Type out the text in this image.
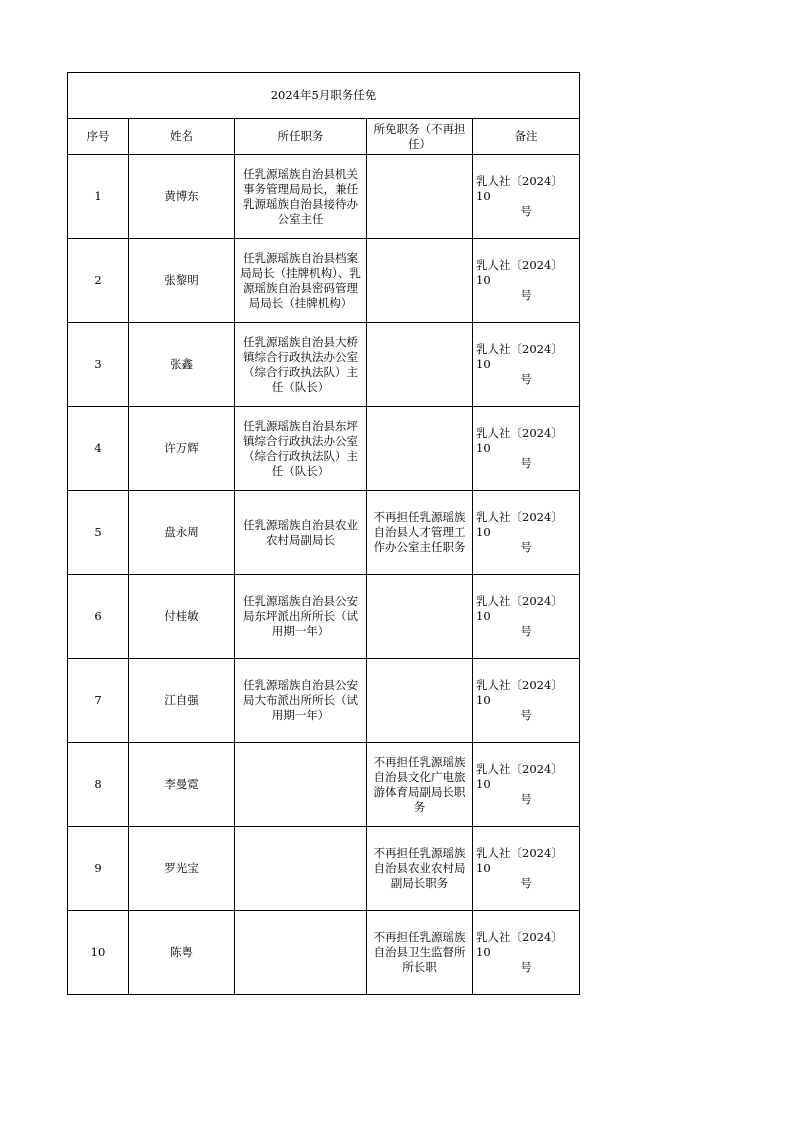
2024年5月职务任免				
序号	姓名	所任职务	所免职务（不再担任）	备注
1	黄博东	任乳源瑶族自治县机关事务管理局局长，兼任乳源瑶族自治县接待办公室主任		乳人社〔2024〕10
号

2	张黎明	任乳源瑶族自治县档案局局长（挂牌机构）、乳源瑶族自治县密码管理局局长（挂牌机构）		乳人社〔2024〕10
号

3	张鑫	任乳源瑶族自治县大桥镇综合行政执法办公室（综合行政执法队）主任（队长）		乳人社〔2024〕10
号

4	许万辉	任乳源瑶族自治县东坪镇综合行政执法办公室（综合行政执法队）主任（队长）		乳人社〔2024〕10
号

5	盘永周	任乳源瑶族自治县农业农村局副局长	不再担任乳源瑶族自治县人才管理工作办公室主任职务	乳人社〔2024〕10
号

6	付桂敏	任乳源瑶族自治县公安局东坪派出所所长（试用期一年）		乳人社〔2024〕10
号

7	江自强	任乳源瑶族自治县公安局大布派出所所长（试用期一年）		乳人社〔2024〕10
号

8	李曼霓		不再担任乳源瑶族自治县文化广电旅游体育局副局长职务	乳人社〔2024〕10
号

9	罗光宝		不再担任乳源瑶族自治县农业农村局副局长职务	乳人社〔2024〕10
号

10	陈粤		不再担任乳源瑶族自治县卫生监督所所长职	乳人社〔2024〕10
号
